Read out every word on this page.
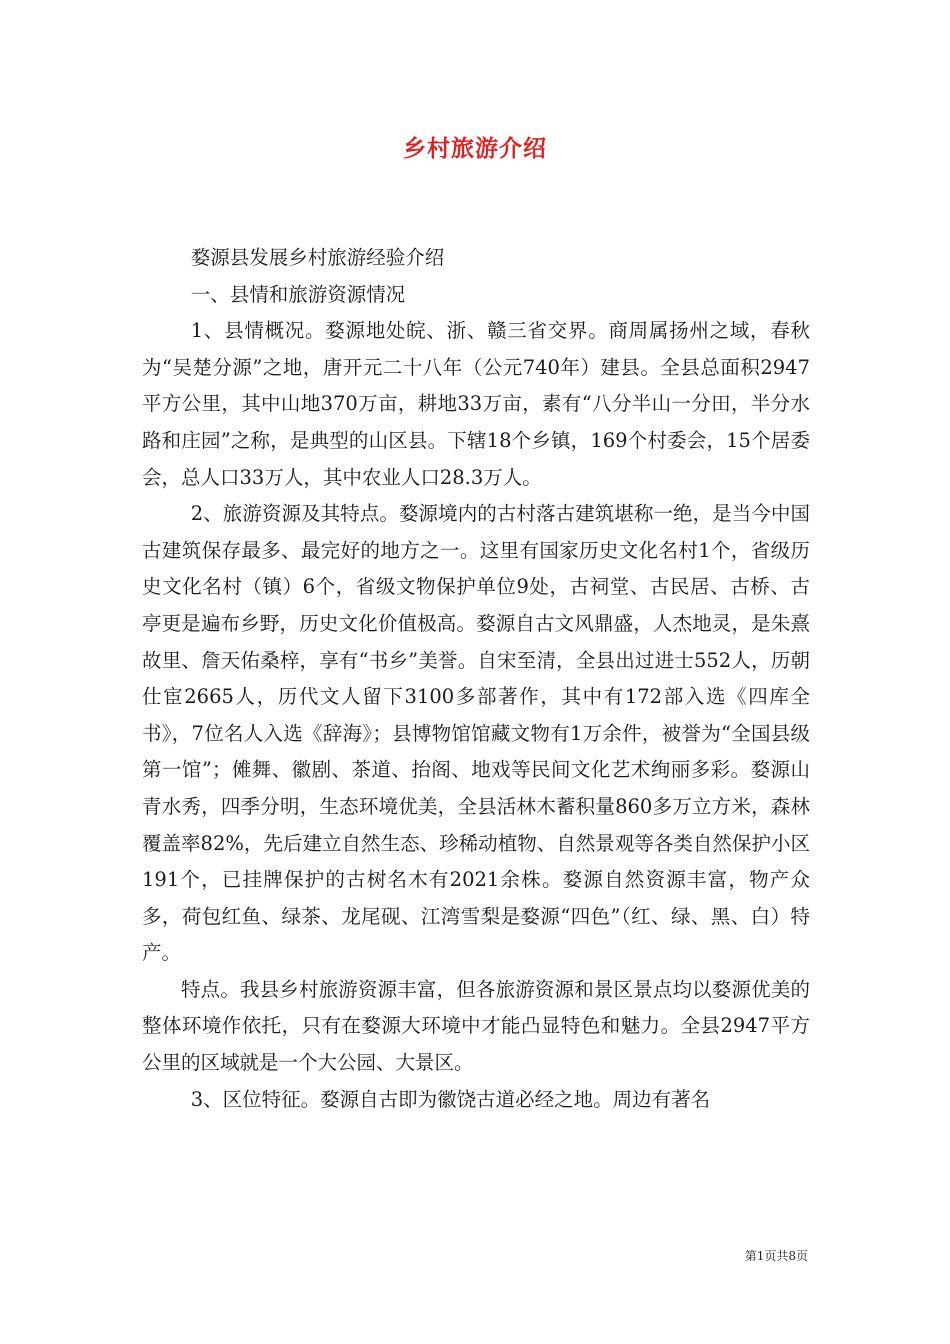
乡村旅游介绍

婺源县发展乡村旅游经验介绍

一、县情和旅游资源情况

1、县情概况。婺源地处皖、浙、赣三省交界。商周属扬州之域，春秋为“吴楚分源”之地，唐开元二十八年（公元740年）建县。全县总面积2947平方公里，其中山地370万亩，耕地33万亩，素有“八分半山一分田，半分水路和庄园”之称，是典型的山区县。下辖18个乡镇，169个村委会，15个居委会，总人口33万人，其中农业人口28.3万人。

2、旅游资源及其特点。婺源境内的古村落古建筑堪称一绝，是当今中国古建筑保存最多、最完好的地方之一。这里有国家历史文化名村1个，省级历史文化名村（镇）6个，省级文物保护单位9处，古祠堂、古民居、古桥、古亭更是遍布乡野，历史文化价值极高。婺源自古文风鼎盛，人杰地灵，是朱熹故里、詹天佑桑梓，享有“书乡”美誉。自宋至清，全县出过进士552人，历朝仕宦2665人，历代文人留下3100多部著作，其中有172部入选《四库全书》，7位名人入选《辞海》；县博物馆馆藏文物有1万余件，被誉为“全国县级第一馆”；傩舞、徽剧、茶道、抬阁、地戏等民间文化艺术绚丽多彩。婺源山青水秀，四季分明，生态环境优美，全县活林木蓄积量860多万立方米，森林覆盖率82%，先后建立自然生态、珍稀动植物、自然景观等各类自然保护小区191个，已挂牌保护的古树名木有2021余株。婺源自然资源丰富，物产众多，荷包红鱼、绿茶、龙尾砚、江湾雪梨是婺源“四色”（红、绿、黑、白）特产。

特点。我县乡村旅游资源丰富，但各旅游资源和景区景点均以婺源优美的整体环境作依托，只有在婺源大环境中才能凸显特色和魅力。全县2947平方公里的区域就是一个大公园、大景区。

3、区位特征。婺源自古即为徽饶古道必经之地。周边有著名

第1页共8页
